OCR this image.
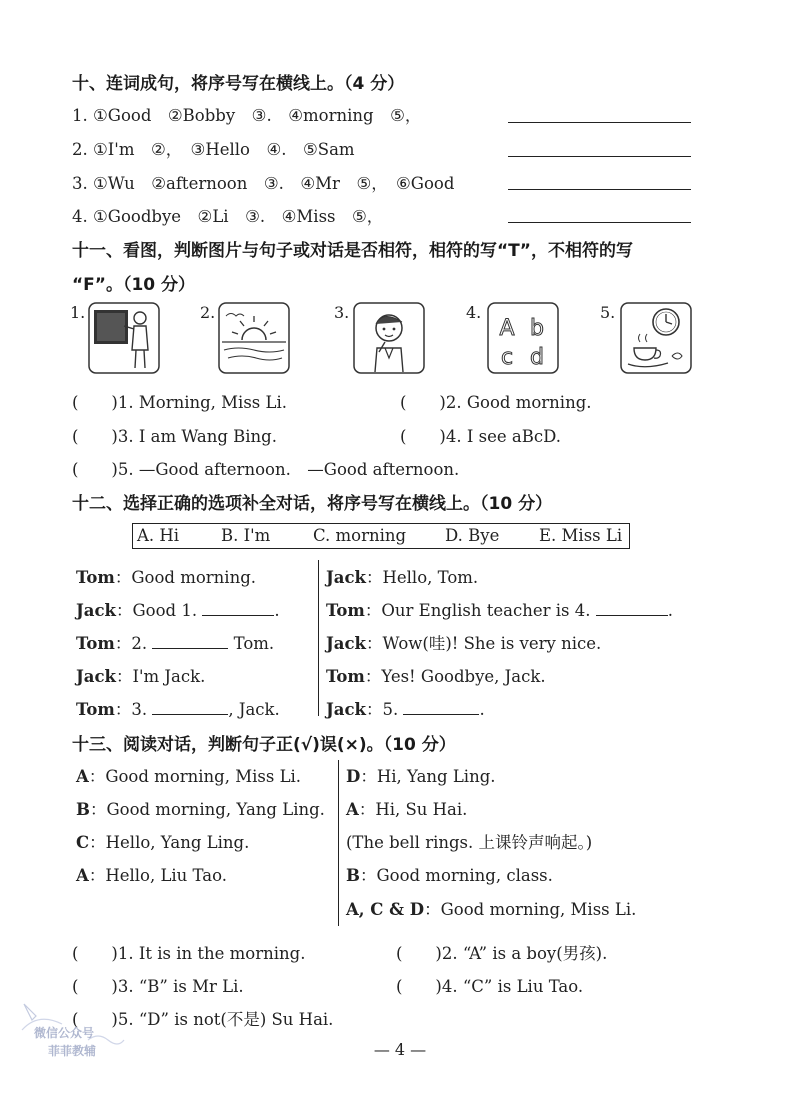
十、连词成句，将序号写在横线上。（4 分）
1. ①Good　②Bobby　③.　④morning　⑤，
2. ①I'm　②，　③Hello　④.　⑤Sam
3. ①Wu　②afternoon　③.　④Mr　⑤，　⑥Good
4. ①Goodbye　②Li　③.　④Miss　⑤，
十一、看图，判断图片与句子或对话是否相符，相符的写“T”，不相符的写
“F”。（10 分）
1.	2.	3.	4.
A b
c d
5.
(　　)1. Morning, Miss Li.	(　　)2. Good morning.
(　　)3. I am Wang Bing.	(　　)4. I see aBcD.
(　　)5. —Good afternoon.　—Good afternoon.
十二、选择正确的选项补全对话，将序号写在横线上。（10 分）
A. Hi	B. I'm	C. morning D. Bye E. Miss Li
Tom：Good morning.
Jack：Good 1.	.
Tom：2.	Tom.
Jack：I'm Jack.
Tom：3.	, Jack.
Jack：Hello, Tom.
Tom：Our English teacher is 4.	.
Jack：Wow(哇)! She is very nice.
Tom：Yes! Goodbye, Jack.
Jack：5.	.
十三、阅读对话，判断句子正(√)误(×)。（10 分）
A：Good morning, Miss Li.
B：Good morning, Yang Ling.
C：Hello, Yang Ling.
A：Hello, Liu Tao.
D：Hi, Yang Ling.
A：Hi, Su Hai.
(The bell rings. 上课铃声响起。)
B：Good morning, class.
A, C & D：Good morning, Miss Li.
(　　)1. It is in the morning.	(　　)2. “A” is a boy(男孩).
(　　)3. “B” is Mr Li.	(　　)4. “C” is Liu Tao.
(　　)5. “D” is not(不是) Su Hai.
— 4 —
微信公众号
菲菲教辅
